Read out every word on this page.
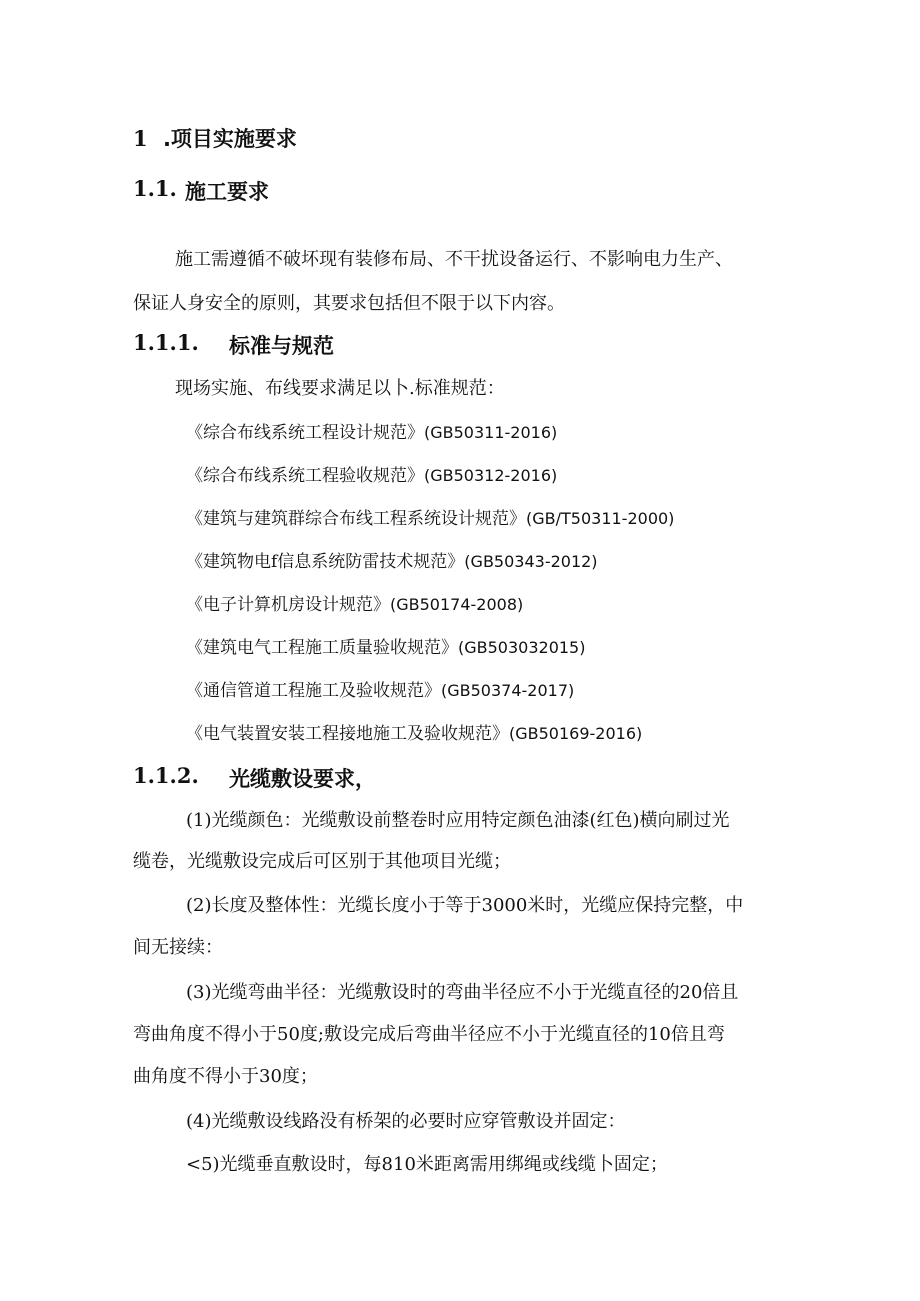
1 .项目实施要求
1.1. 施工要求
施工需遵循不破坏现有装修布局、不干扰设备运行、不影响电力生产、
保证人身安全的原则，其要求包括但不限于以下内容。
1.1.1. 标准与规范
现场实施、布线要求满足以卜.标准规范：
《综合布线系统工程设计规范》(GB50311-2016)
《综合布线系统工程验收规范》(GB50312-2016)
《建筑与建筑群综合布线工程系统设计规范》(GB/T50311-2000)
《建筑物电f信息系统防雷技术规范》(GB50343-2012)
《电子计算机房设计规范》(GB50174-2008)
《建筑电气工程施工质量验收规范》(GB503032015)
《通信管道工程施工及验收规范》(GB50374-2017)
《电气装置安装工程接地施工及验收规范》(GB50169-2016)
1.1.2. 光缆敷设要求，
(1)光缆颜色：光缆敷设前整卷时应用特定颜色油漆(红色)横向刷过光
缆卷，光缆敷设完成后可区别于其他项目光缆；
(2)长度及整体性：光缆长度小于等于3000米时，光缆应保持完整，中
间无接续：
(3)光缆弯曲半径：光缆敷设时的弯曲半径应不小于光缆直径的20倍且
弯曲角度不得小于50度;敷设完成后弯曲半径应不小于光缆直径的10倍且弯
曲角度不得小于30度；
(4)光缆敷设线路没有桥架的必要时应穿管敷设并固定：
<5)光缆垂直敷设时，每810米距离需用绑绳或线缆卜固定；
